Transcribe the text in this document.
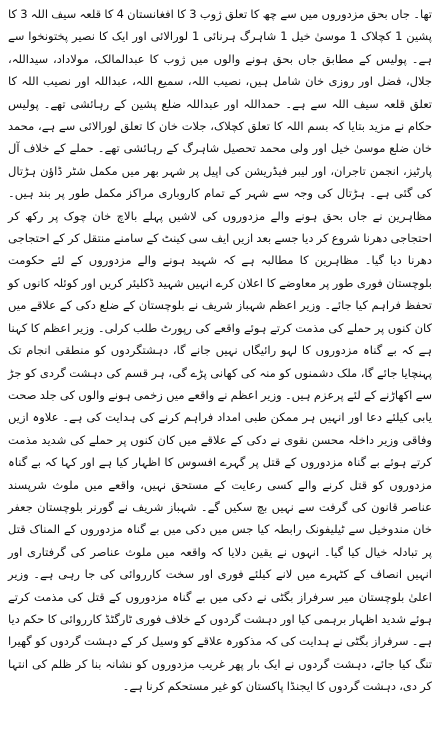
تھا۔ جاں بحق مزدوروں میں سے چھ کا تعلق ژوب 3 کا افغانستان 4 کا قلعہ سیف اللہ 3 کا پشین 1 کچلاک 1 موسیٰ خیل 1 شاہرگ ہرنائی 1 لورالائی اور ایک کا نصیر پختونخوا سے ہے۔ پولیس کے مطابق جاں بحق ہونے والوں میں ژوب کا عبدالمالک، مولاداد، سیداللہ، جلال، فضل اور روزی خان شامل ہیں، نصیب اللہ، سمیع اللہ، عبداللہ اور نصیب اللہ کا تعلق قلعہ سیف اللہ سے ہے۔ حمداللہ اور عبداللہ ضلع پشین کے رہائشی تھے۔ پولیس حکام نے مزید بتایا کہ بسم اللہ کا تعلق کچلاک، جلات خان کا تعلق لورالائی سے ہے، محمد خان ضلع موسیٰ خیل اور ولی محمد تحصیل شاہرگ کے رہائشی تھے۔ حملے کے خلاف آل پارٹیز، انجمن تاجران، اور لیبر فیڈریشن کی اپیل پر شہر بھر میں مکمل شٹر ڈاؤن ہڑتال کی گئی ہے۔ ہڑتال کی وجہ سے شہر کے تمام کاروباری مراکز مکمل طور پر بند ہیں۔ مظاہرین نے جاں بحق ہونے والے مزدوروں کی لاشیں پہلے بالاچ خان چوک پر رکھ کر احتجاجی دھرنا شروع کر دیا جسے بعد ازیں ایف سی کینٹ کے سامنے منتقل کر کے احتجاجی دھرنا دیا گیا۔ مظاہرین کا مطالبہ ہے کہ شہید ہونے والے مزدوروں کے لئے حکومت بلوچستان فوری طور پر معاوضے کا اعلان کرے انہیں شہید ڈکلیئر کریں اور کوئلہ کانوں کو تحفظ فراہم کیا جائے۔ وزیر اعظم شہباز شریف نے بلوچستان کے ضلع دکی کے علاقے میں کان کنوں پر حملے کی مذمت کرتے ہوئے واقعے کی رپورٹ طلب کرلی۔ وزیر اعظم کا کہنا ہے کہ بے گناہ مزدوروں کا لہو رائیگاں نہیں جانے گا، دہشتگردوں کو منطقی انجام تک پہنچایا جائے گا، ملک دشمنوں کو منہ کی کھانی پڑے گی، ہر قسم کی دہشت گردی کو جڑ سے اکھاڑنے کے لئے پرعزم ہیں۔ وزیر اعظم نے واقعے میں زخمی ہونے والوں کی جلد صحت یابی کیلئے دعا اور انہیں ہر ممکن طبی امداد فراہم کرنے کی ہدایت کی ہے۔ علاوہ ازیں وفاقی وزیر داخلہ محسن نقوی نے دکی کے علاقے میں کان کنوں پر حملے کی شدید مذمت کرتے ہوئے بے گناہ مزدوروں کے قتل پر گہرے افسوس کا اظہار کیا ہے اور کہا کہ بے گناہ مزدوروں کو قتل کرنے والے کسی رعایت کے مستحق نہیں، واقعے میں ملوث شرپسند عناصر قانون کی گرفت سے نہیں بچ سکیں گے۔ شہباز شریف نے گورنر بلوچستان جعفر خان مندوخیل سے ٹیلیفونک رابطہ کیا جس میں دکی میں بے گناہ مزدوروں کے المناک قتل پر تبادلہ خیال کیا گیا۔ انہوں نے یقین دلایا کہ واقعہ میں ملوث عناصر کی گرفتاری اور انہیں انصاف کے کٹہرے میں لانے کیلئے فوری اور سخت کارروائی کی جا رہی ہے۔ وزیر اعلیٰ بلوچستان میر سرفراز بگٹی نے دکی میں بے گناہ مزدوروں کے قتل کی مذمت کرتے ہوئے شدید اظہار برہمی کیا اور دہشت گردوں کے خلاف فوری ٹارگٹڈ کارروائی کا حکم دیا ہے۔ سرفراز بگٹی نے ہدایت کی کہ مذکورہ علاقے کو وسیل کر کے دہشت گردوں کو گھیرا تنگ کیا جائے، دہشت گردوں نے ایک بار پھر غریب مزدوروں کو نشانہ بنا کر ظلم کی انتہا کر دی، دہشت گردوں کا ایجنڈا پاکستان کو غیر مستحکم کرنا ہے۔
